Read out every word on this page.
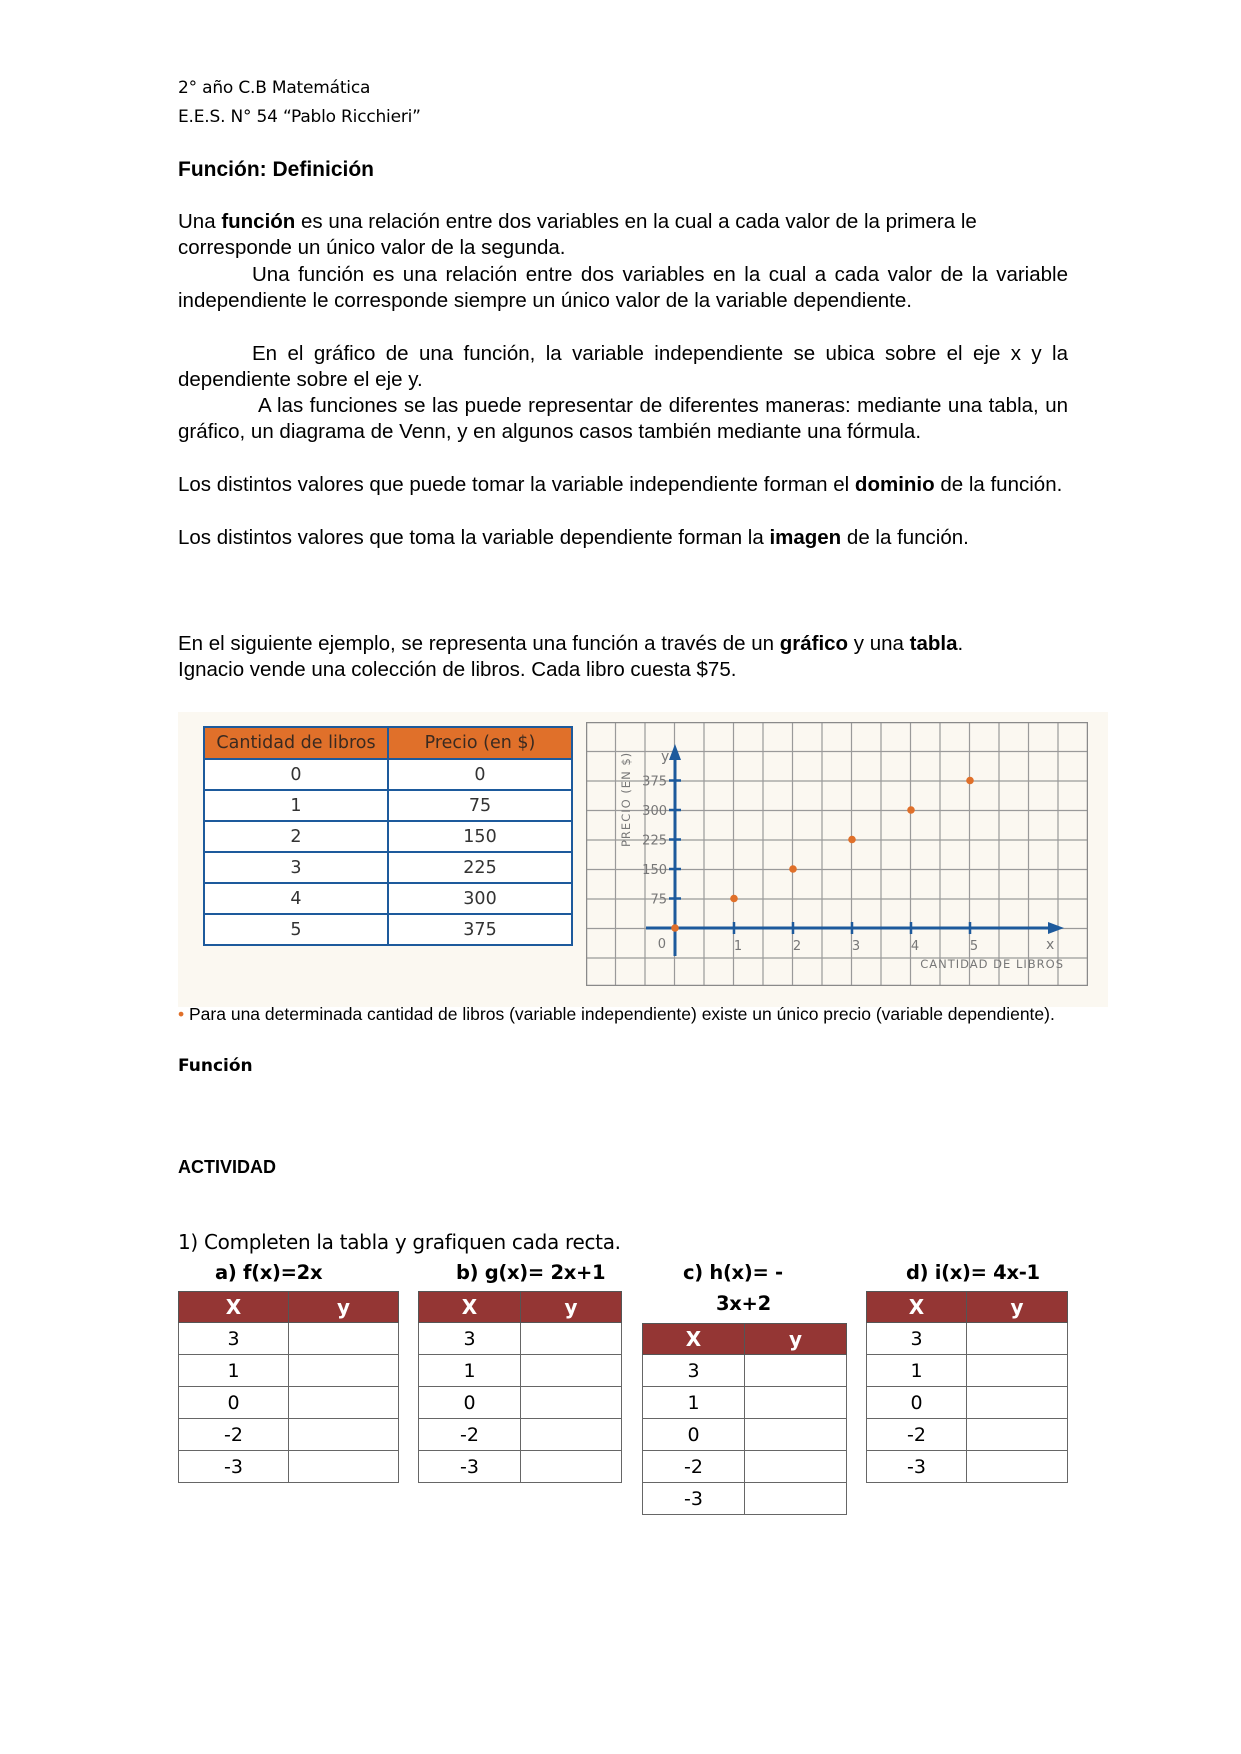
2° año C.B Matemática
E.E.S. N° 54 “Pablo Ricchieri”
Función: Definición
Una función es una relación entre dos variables en la cual a cada valor de la primera le corresponde un único valor de la segunda.
Una función es una relación entre dos variables en la cual a cada valor de la variable independiente le corresponde siempre un único valor de la variable dependiente.
En el gráfico de una función, la variable independiente se ubica sobre el eje x y la dependiente sobre el eje y.
A las funciones se las puede representar de diferentes maneras: mediante una tabla, un gráfico, un diagrama de Venn, y en algunos casos también mediante una fórmula.
Los distintos valores que puede tomar la variable independiente forman el dominio de la función.
Los distintos valores que toma la variable dependiente forman la imagen de la función.
En el siguiente ejemplo, se representa una función a través de un gráfico y una tabla.
Ignacio vende una colección de libros. Cada libro cuesta $75.
Cantidad de libros	Precio (en $)
0	0
1	75
2	150
3	225
4	300
5	375
1	2	3	4	5
75
150
225
300
375
y
x
0
PRECIO (EN $)
CANTIDAD DE LIBROS
• Para una determinada cantidad de libros (variable independiente) existe un único precio (variable dependiente).
Función
ACTIVIDAD
1) Completen la tabla y grafiquen cada recta.
a) f(x)=2x	b) g(x)= 2x+1	c) h(x)= -
3x+2
d) i(x)= 4x-1
X	y
3	
1	
0	
-2	
-3	
X	y
3	
1	
0	
-2	
-3	
X	y
3	
1	
0	
-2	
-3	
X	y
3	
1	
0	
-2	
-3	
